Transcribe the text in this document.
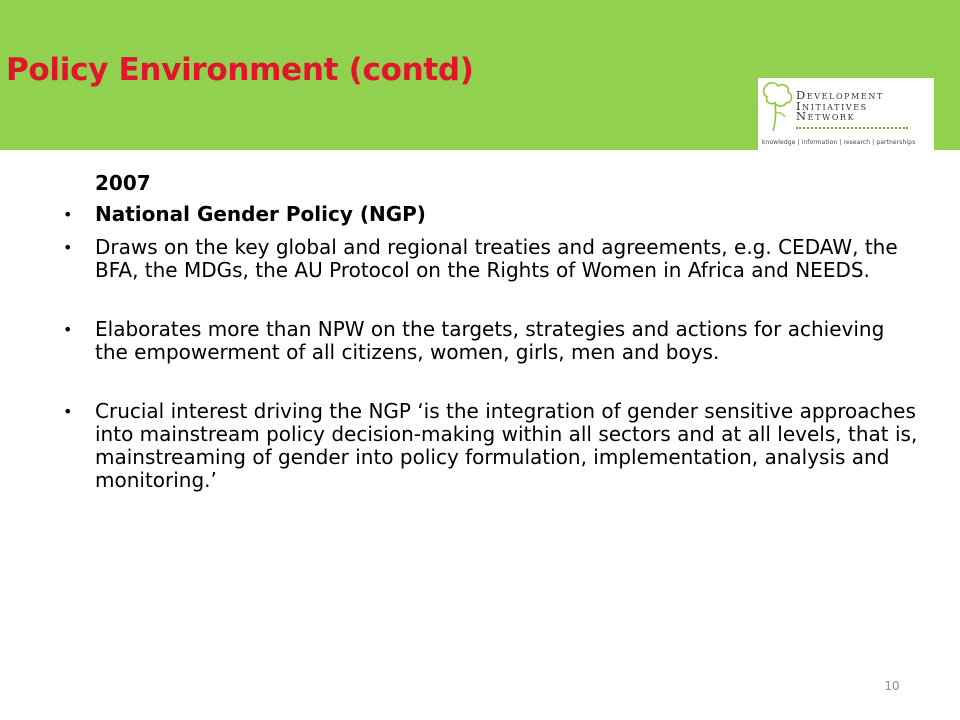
Policy Environment (contd)
Development
Initiatives
Network
knowledge | information | research | partnerships

2007

• National Gender Policy (NGP)
• Draws on the key global and regional treaties and agreements, e.g. CEDAW, the BFA, the MDGs, the AU Protocol on the Rights of Women in Africa and NEEDS.
• Elaborates more than NPW on the targets, strategies and actions for achieving the empowerment of all citizens, women, girls, men and boys.
• Crucial interest driving the NGP ‘is the integration of gender sensitive approaches into mainstream policy decision-making within all sectors and at all levels, that is, mainstreaming of gender into policy formulation, implementation, analysis and monitoring.’
10
